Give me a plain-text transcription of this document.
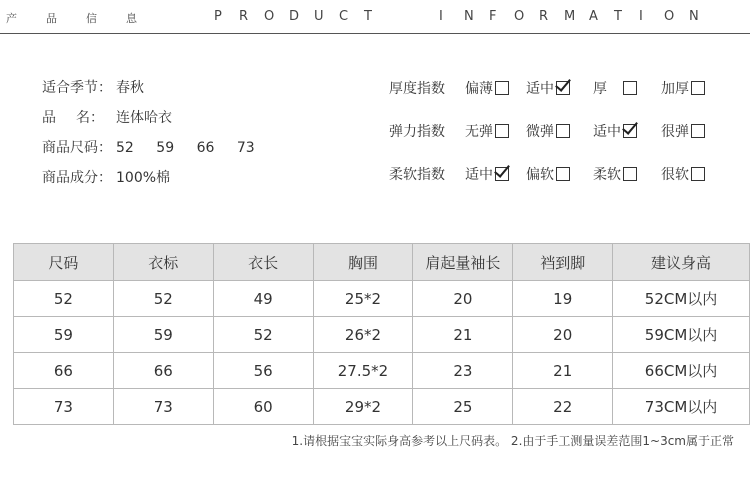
产	品	信	息	P	R	O	D	U	C	T	I	N	F	O	R	M	A	T	I	O	N
适合季节： 春秋
品 名： 连体哈衣
商品尺码： 52 59 66 73
商品成分： 100%棉
厚度指数 偏薄 适中	厚	加厚
弹力指数 无弹 微弹	适中	很弹
柔软指数 适中 偏软	柔软	很软
尺码	衣标	衣长	胸围	肩起量袖长	裆到脚	建议身高
52	52	49	25*2	20	19	52CM以内
59	59	52	26*2	21	20	59CM以内
66	66	56	27.5*2	23	21	66CM以内
73	73	60	29*2	25	22	73CM以内
1.请根据宝宝实际身高参考以上尺码表。 2.由于手工测量误差范围1~3cm属于正常
